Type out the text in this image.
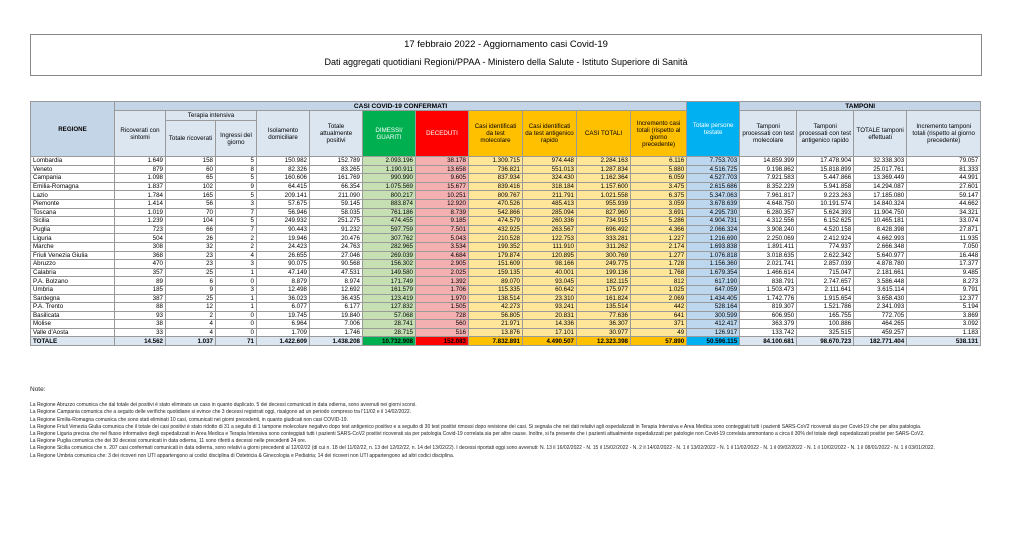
17 febbraio 2022 - Aggiornamento casi Covid-19
Dati aggregati quotidiani Regioni/PPAA - Ministero della Salute - Istituto Superiore di Sanità
REGIONE	CASI COVID-19 CONFERMATI											Totale persone testate	TAMPONI			
	Ricoverati con sintomi	Terapia intensiva		Isolamento domiciliare	Totale attualmente positivi	DIMESSI/ GUARITI	DECEDUTI	Casi identificati da test molecolare	Casi identificati da test antigenico rapido	CASI TOTALI	Incremento casi totali (rispetto al giorno precedente)		Tamponi processati con test molecolare	Tamponi processati con test antigenico rapido	TOTALE tamponi effettuati	Incremento tamponi totali (rispetto al giorno precedente)
		Totale ricoverati	Ingressi del giorno													
Lombardia	1.649	158	5	150.982	152.789	2.093.196	38.178	1.309.715	974.448	2.284.163	6.116	7.753.703	14.859.399	17.478.904	32.338.303	79.057
Veneto	879	60	8	82.326	83.265	1.190.911	13.658	736.821	551.013	1.287.834	5.880	4.516.725	9.198.862	15.818.899	25.017.761	81.333
Campania	1.098	65	5	160.606	161.769	990.990	9.605	837.934	324.430	1.162.364	6.059	4.527.703	7.921.583	5.447.866	13.369.449	44.991
Emilia-Romagna	1.837	102	9	64.415	66.354	1.075.569	15.677	839.416	318.184	1.157.600	3.475	2.615.686	8.352.229	5.941.858	14.294.087	27.601
Lazio	1.784	165	5	209.141	211.090	800.217	10.251	809.767	211.791	1.021.558	6.375	5.347.063	7.961.817	9.223.263	17.185.080	59.147
Piemonte	1.414	56	3	57.675	59.145	883.874	12.920	470.526	485.413	955.939	3.059	3.678.639	4.648.750	10.191.574	14.840.324	44.662
Toscana	1.019	70	7	56.946	58.035	761.186	8.739	542.866	285.094	827.960	3.691	4.295.730	6.280.357	5.624.393	11.904.750	34.321
Sicilia	1.239	104	5	249.932	251.275	474.455	9.185	474.579	260.336	734.915	5.286	4.904.731	4.312.556	6.152.625	10.465.181	33.074
Puglia	723	66	7	90.443	91.232	597.759	7.501	432.925	263.567	696.492	4.366	2.066.324	3.908.240	4.520.158	8.428.398	27.871
Liguria	504	26	2	19.946	20.476	307.762	5.043	210.528	122.753	333.281	1.227	1.216.690	2.250.069	2.412.924	4.662.993	11.935
Marche	308	32	2	24.423	24.763	282.965	3.534	199.352	111.910	311.262	2.174	1.693.838	1.891.411	774.937	2.666.348	7.050
Friuli Venezia Giulia	368	23	4	26.655	27.046	269.039	4.684	179.874	120.895	300.769	1.277	1.076.818	3.018.635	2.622.342	5.640.977	16.448
Abruzzo	470	23	3	90.075	90.568	156.302	2.905	151.609	98.166	249.775	1.728	1.156.360	2.021.741	2.857.039	4.878.780	17.377
Calabria	357	25	1	47.149	47.531	149.580	2.025	159.135	40.001	199.136	1.768	1.679.354	1.466.614	715.047	2.181.661	9.485
P.A. Bolzano	89	6	0	8.879	8.974	171.749	1.392	89.070	93.045	182.115	812	617.190	838.791	2.747.657	3.586.448	8.273
Umbria	185	9	3	12.498	12.692	161.579	1.706	115.335	60.642	175.977	1.025	647.059	1.503.473	2.111.641	3.615.114	9.791
Sardegna	387	25	1	36.023	36.435	123.419	1.970	138.514	23.310	161.824	2.069	1.434.405	1.742.776	1.915.654	3.658.430	12.377
P.A. Trento	88	12	1	6.077	6.177	127.832	1.505	42.273	93.241	135.514	442	528.164	819.307	1.521.786	2.341.093	5.194
Basilicata	93	2	0	19.745	19.840	57.068	728	56.805	20.831	77.636	641	300.599	606.950	165.755	772.705	3.869
Molise	38	4	0	6.964	7.006	28.741	560	21.971	14.336	36.307	371	412.417	363.379	100.886	464.265	3.092
Valle d'Aosta	33	4	0	1.709	1.746	28.715	516	13.876	17.101	30.977	49	126.917	133.742	325.515	459.257	1.183
TOTALE	14.562	1.037	71	1.422.609	1.438.208	10.732.908	152.083	7.832.891	4.490.507	12.323.398	57.890	50.596.115	84.100.681	98.670.723	182.771.404	538.131
Note:

La Regione Abruzzo comunica che dal totale dei positivi è stato eliminato un caso in quanto duplicato. 5 dei decessi comunicati in data odierna, sono avvenuti nei giorni scorsi.

La Regione Campania comunica che a seguito delle verifiche quotidiane si evince che 3 decessi registrati oggi, risalgono ad un periodo compreso tra l'11/02 e il 14/02/2022.

La Regione Emilia-Romagna comunica che sono stati eliminati 10 casi, comunicati nei giorni precedenti, in quanto giudicati non casi COVID-19.

La Regione Friuli Venezia Giulia comunica che il totale dei casi positivi è stato ridotto di 31 a seguito di 1 tampone molecolare negativo dopo test antigenico positivo e a seguito di 30 test positivi rimossi dopo revisione dei casi. Si segnala che nei dati relativi agli ospedalizzati in Terapia Intensiva e Area Medica sono conteggiati tutti i pazienti SARS-CoV2 ricoverati sia per Covid-19 che per altra patologia.

La Regione Liguria precisa che nel flusso informativo degli ospedalizzati in Area Medica e Terapia Intensiva sono conteggiati tutti i pazienti SARS-CoV2 positivi ricoverati sia per patologia Covid-19 correlata sia per altre cause. Inoltre, si fa presente che i pazienti attualmente ospedalizzati per patologie non Covid-19 correlata ammontano a circa il 30% del totale degli ospedalizzati positivi per SARS-CoV2.

La Regione Puglia comunica che dei 30 decessi comunicati in data odierna, 11 sono riferiti a decessi nelle precedenti 24 ore.

La Regione Sicilia comunica che n. 207 casi confermati comunicati in data odierna, sono relativi a giorni precedenti al 12/02/22 (di cui n. 18 del 11/02/22, n. 13 del 12/02/22, n. 14 del 13/02/22). I decessi riportati oggi sono avvenuti: N. 13 il 16/02/2022 - N. 15 il 15/02/2022 - N. 2 il 14/02/2022 - N. 1 il 13/02/2022 - N. 1 il 11/02/2022 - N. 1 il 09/02/2022 - N. 1 il 10/02/2022 - N. 1 il 08/01/2022 - N. 1 il 03/01/2022.

La Regione Umbria comunica che: 3 dei ricoveri non UTI appartengono ai codici disciplina di Ostetricia & Ginecologia e Pediatria; 14 dei ricoveri non UTI appartengono ad altri codici disciplina.
